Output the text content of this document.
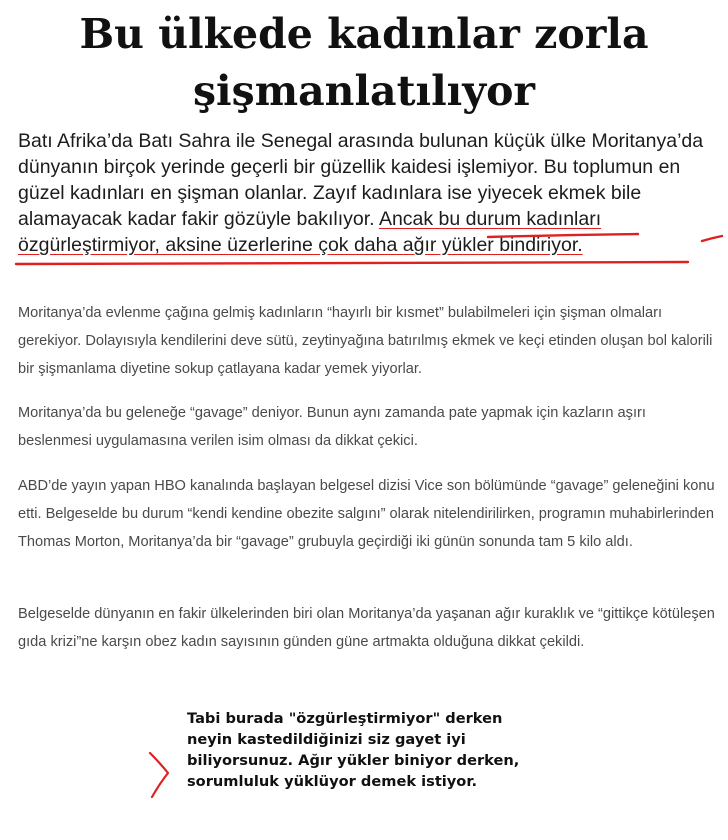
Bu ülkede kadınlar zorla
şişmanlatılıyor

Batı Afrika’da Batı Sahra ile Senegal arasında bulunan küçük ülke Moritanya’da dünyanın birçok yerinde geçerli bir güzellik kaidesi işlemiyor. Bu toplumun en güzel kadınları en şişman olanlar. Zayıf kadınlara ise yiyecek ekmek bile alamayacak kadar fakir gözüyle bakılıyor. Ancak bu durum kadınları özgürleştirmiyor, aksine üzerlerine çok daha ağır yükler bindiriyor.

Moritanya’da evlenme çağına gelmiş kadınların “hayırlı bir kısmet” bulabilmeleri için şişman olmaları gerekiyor. Dolayısıyla kendilerini deve sütü, zeytinyağına batırılmış ekmek ve keçi etinden oluşan bol kalorili bir şişmanlama diyetine sokup çatlayana kadar yemek yiyorlar.

Moritanya’da bu geleneğe “gavage” deniyor. Bunun aynı zamanda pate yapmak için kazların aşırı beslenmesi uygulamasına verilen isim olması da dikkat çekici.

ABD’de yayın yapan HBO kanalında başlayan belgesel dizisi Vice son bölümünde “gavage” geleneğini konu etti. Belgeselde bu durum “kendi kendine obezite salgını” olarak nitelendirilirken, programın muhabirlerinden Thomas Morton, Moritanya’da bir “gavage” grubuyla geçirdiği iki günün sonunda tam 5 kilo aldı.

Belgeselde dünyanın en fakir ülkelerinden biri olan Moritanya’da yaşanan ağır kuraklık ve “gittikçe kötüleşen gıda krizi”ne karşın obez kadın sayısının günden güne artmakta olduğuna dikkat çekildi.

Tabi burada "özgürleştirmiyor" derken neyin kastedildiğinizi siz gayet iyi biliyorsunuz. Ağır yükler biniyor derken, sorumluluk yüklüyor demek istiyor.
